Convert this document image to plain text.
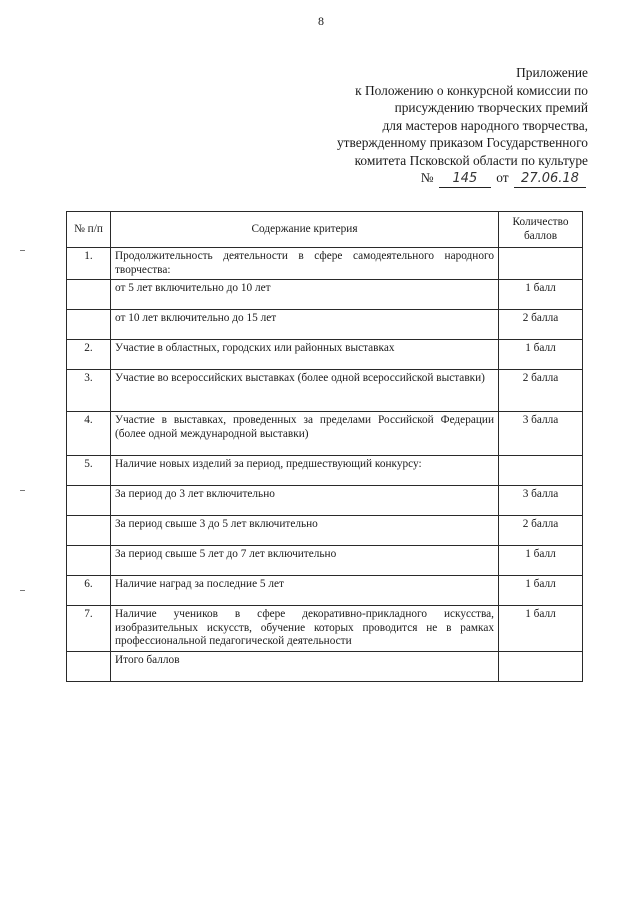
8
Приложение
к Положению о конкурсной комиссии по
присуждению творческих премий
для мастеров народного творчества,
утвержденному приказом Государственного
комитета Псковской области по культуре
№ 145 от 27.06.18
№ п/п	Содержание критерия	Количество баллов
1.	Продолжительность деятельности в сфере самодеятельного народного творчества:	
	от 5 лет включительно до 10 лет	1 балл
	от 10 лет включительно до 15 лет	2 балла
2.	Участие в областных, городских или районных выставках	1 балл
3.	Участие во всероссийских выставках (более одной всероссийской выставки)	2 балла
4.	Участие в выставках, проведенных за пределами Российской Федерации (более одной международной выставки)	3 балла
5.	Наличие новых изделий за период, предшествующий конкурсу:	
	За период до 3 лет включительно	3 балла
	За период свыше 3 до 5 лет включительно	2 балла
	За период свыше 5 лет до 7 лет включительно	1 балл
6.	Наличие наград за последние 5 лет	1 балл
7.	Наличие учеников в сфере декоративно-прикладного искусства, изобразительных искусств, обучение которых проводится не в рамках профессиональной педагогической деятельности	1 балл
	Итого баллов	
